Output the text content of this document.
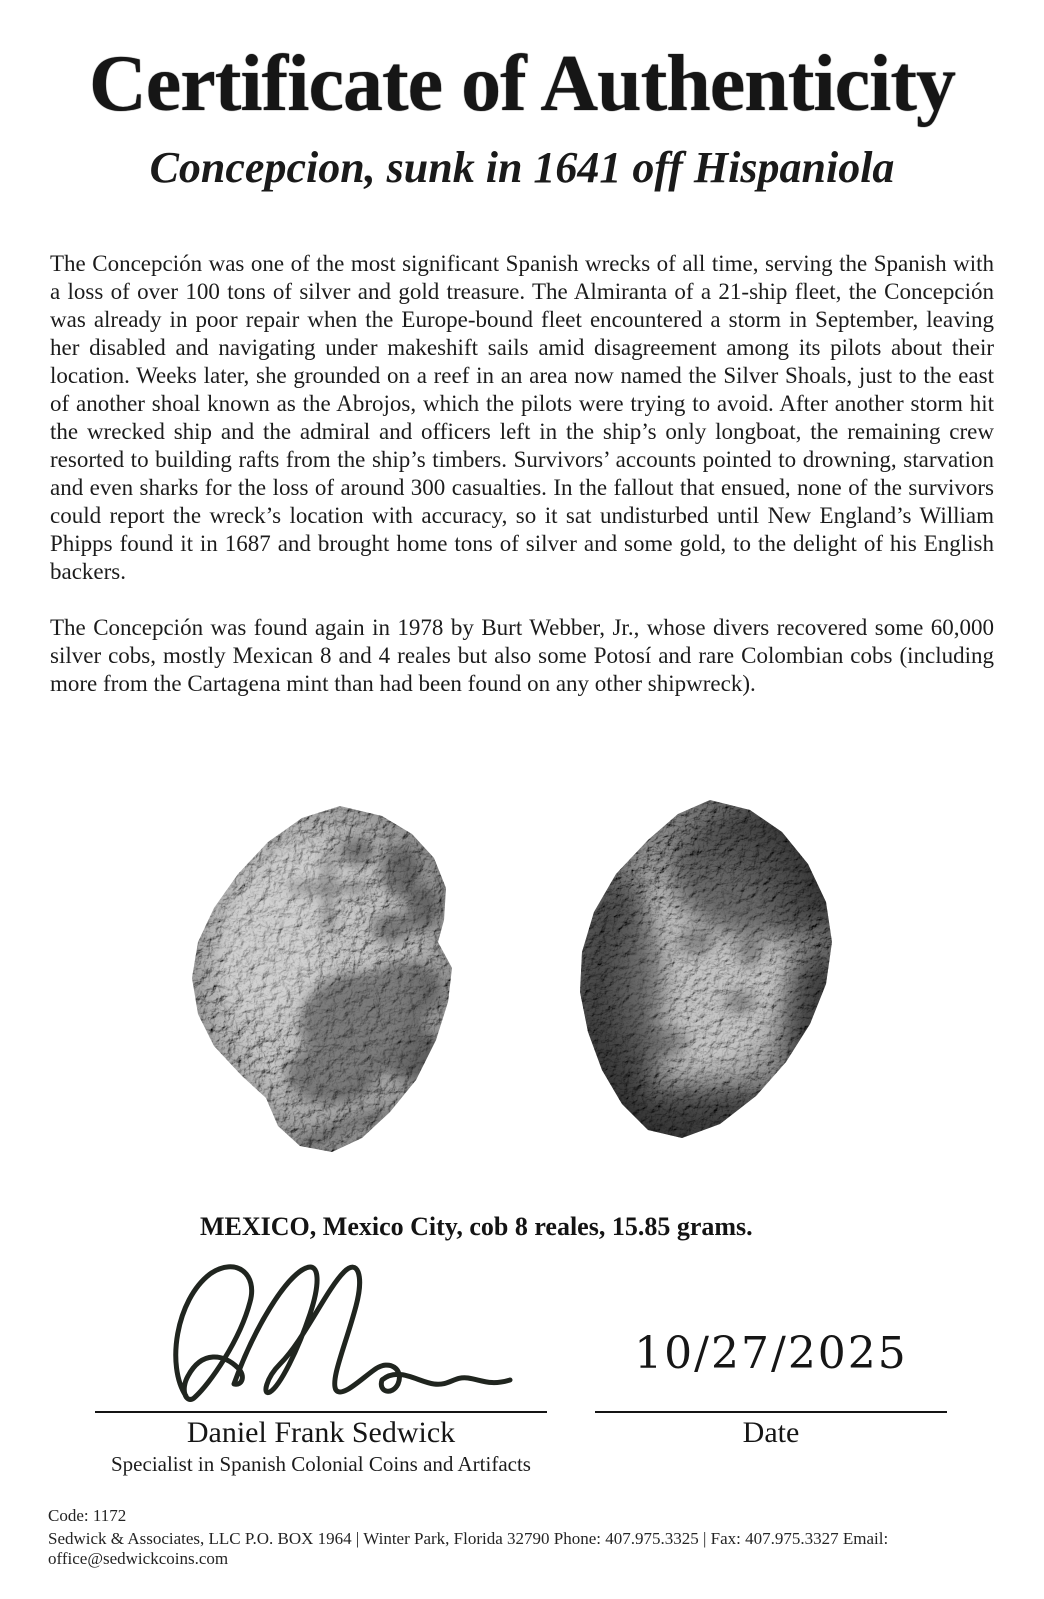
Certificate of Authenticity
Concepcion, sunk in 1641 off Hispaniola

The Concepción was one of the most significant Spanish wrecks of all time, serving the Spanish with a loss of over 100 tons of silver and gold treasure. The Almiranta of a 21-ship fleet, the Concepción was already in poor repair when the Europe-bound fleet encountered a storm in September, leaving her disabled and navigating under makeshift sails amid disagreement among its pilots about their location. Weeks later, she grounded on a reef in an area now named the Silver Shoals, just to the east of another shoal known as the Abrojos, which the pilots were trying to avoid. After another storm hit the wrecked ship and the admiral and officers left in the ship’s only longboat, the remaining crew resorted to building rafts from the ship’s timbers. Survivors’ accounts pointed to drowning, starvation and even sharks for the loss of around 300 casualties. In the fallout that ensued, none of the survivors could report the wreck’s location with accuracy, so it sat undisturbed until New England’s William Phipps found it in 1687 and brought home tons of silver and some gold, to the delight of his English backers.

The Concepción was found again in 1978 by Burt Webber, Jr., whose divers recovered some 60,000 silver cobs, mostly Mexican 8 and 4 reales but also some Potosí and rare Colombian cobs (including more from the Cartagena mint than had been found on any other shipwreck).

MEXICO, Mexico City, cob 8 reales, 15.85 grams.
Daniel Frank Sedwick
Specialist in Spanish Colonial Coins and Artifacts
10/27/2025
Date
Code: 1172
Sedwick & Associates, LLC P.O. BOX 1964 | Winter Park, Florida 32790 Phone: 407.975.3325 | Fax: 407.975.3327 Email: office@sedwickcoins.com
